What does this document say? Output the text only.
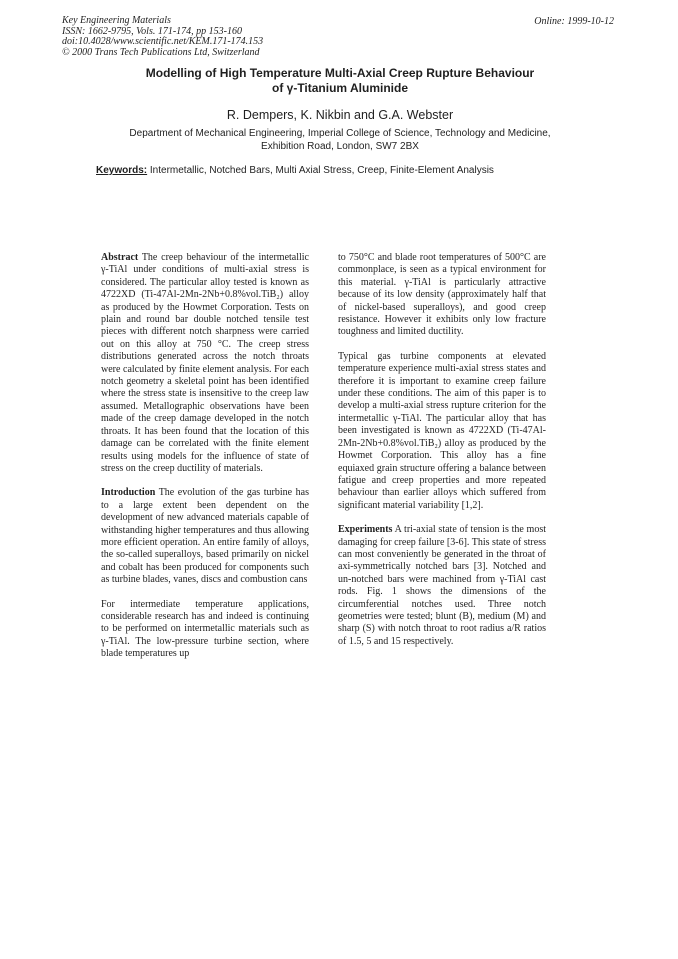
Key Engineering Materials
ISSN: 1662-9795, Vols. 171-174, pp 153-160
doi:10.4028/www.scientific.net/KEM.171-174.153
© 2000 Trans Tech Publications Ltd, Switzerland
Online: 1999-10-12
Modelling of High Temperature Multi-Axial Creep Rupture Behaviour
of γ-Titanium Aluminide
R. Dempers, K. Nikbin and G.A. Webster
Department of Mechanical Engineering, Imperial College of Science, Technology and Medicine,
Exhibition Road, London, SW7 2BX
Keywords: Intermetallic, Notched Bars, Multi Axial Stress, Creep, Finite-Element Analysis

Abstract The creep behaviour of the intermetallic γ-TiAl under conditions of multi-axial stress is considered. The particular alloy tested is known as 4722XD (Ti-47Al-2Mn-2Nb+0.8%vol.TiB₂) alloy as produced by the Howmet Corporation. Tests on plain and round bar double notched tensile test pieces with different notch sharpness were carried out on this alloy at 750 °C. The creep stress distributions generated across the notch throats were calculated by finite element analysis. For each notch geometry a skeletal point has been identified where the stress state is insensitive to the creep law assumed. Metallographic observations have been made of the creep damage developed in the notch throats. It has been found that the location of this damage can be correlated with the finite element results using models for the influence of state of stress on the creep ductility of materials.

Introduction The evolution of the gas turbine has to a large extent been dependent on the development of new advanced materials capable of withstanding higher temperatures and thus allowing more efficient operation. An entire family of alloys, the so-called superalloys, based primarily on nickel and cobalt has been produced for components such as turbine blades, vanes, discs and combustion cans

For intermediate temperature applications, considerable research has and indeed is continuing to be performed on intermetallic materials such as γ-TiAl. The low-pressure turbine section, where blade temperatures up

to 750°C and blade root temperatures of 500°C are commonplace, is seen as a typical environment for this material. γ-TiAl is particularly attractive because of its low density (approximately half that of nickel-based superalloys), and good creep resistance. However it exhibits only low fracture toughness and limited ductility.

Typical gas turbine components at elevated temperature experience multi-axial stress states and therefore it is important to examine creep failure under these conditions. The aim of this paper is to develop a multi-axial stress rupture criterion for the intermetallic γ-TiAl. The particular alloy that has been investigated is known as 4722XD (Ti-47Al-2Mn-2Nb+0.8%vol.TiB₂) alloy as produced by the Howmet Corporation. This alloy has a fine equiaxed grain structure offering a balance between fatigue and creep properties and more repeated behaviour than earlier alloys which suffered from significant material variability [1,2].

Experiments A tri-axial state of tension is the most damaging for creep failure [3-6]. This state of stress can most conveniently be generated in the throat of axi-symmetrically notched bars [3]. Notched and un-notched bars were machined from γ-TiAl cast rods. Fig. 1 shows the dimensions of the circumferential notches used. Three notch geometries were tested; blunt (B), medium (M) and sharp (S) with notch throat to root radius a/R ratios of 1.5, 5 and 15 respectively.
